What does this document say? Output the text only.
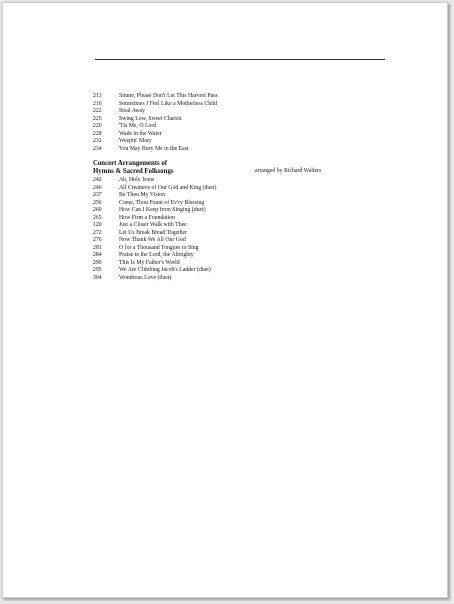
213	Sinner, Please Don't Let This Harvest Pass
216	Sometimes I Feel Like a Motherless Child
222	Steal Away
225	Swing Low, Sweet Chariot
220	'Tis Me, O Lord
228	Wade in the Water
232	Weepin' Mary
234	You May Bury Me in the East
Concert Arrangements of
Hymns & Sacred Folksongs	arranged by Richard Walters
242	Ah, Holy Jesus
246	All Creatures of Our God and King (duet)
237	Be Thou My Vision
256	Come, Thou Fount of Ev'ry Blessing
260	How Can I Keep from Singing (duet)
265	How Firm a Foundation
120	Just a Closer Walk with Thee
272	Let Us Break Bread Together
276	Now Thank We All Our God
281	O for a Thousand Tongues to Sing
284	Praise to the Lord, the Almighty
290	This Is My Father's World
295	We Are Climbing Jacob's Ladder (duet)
304	Wondrous Love (duet)
